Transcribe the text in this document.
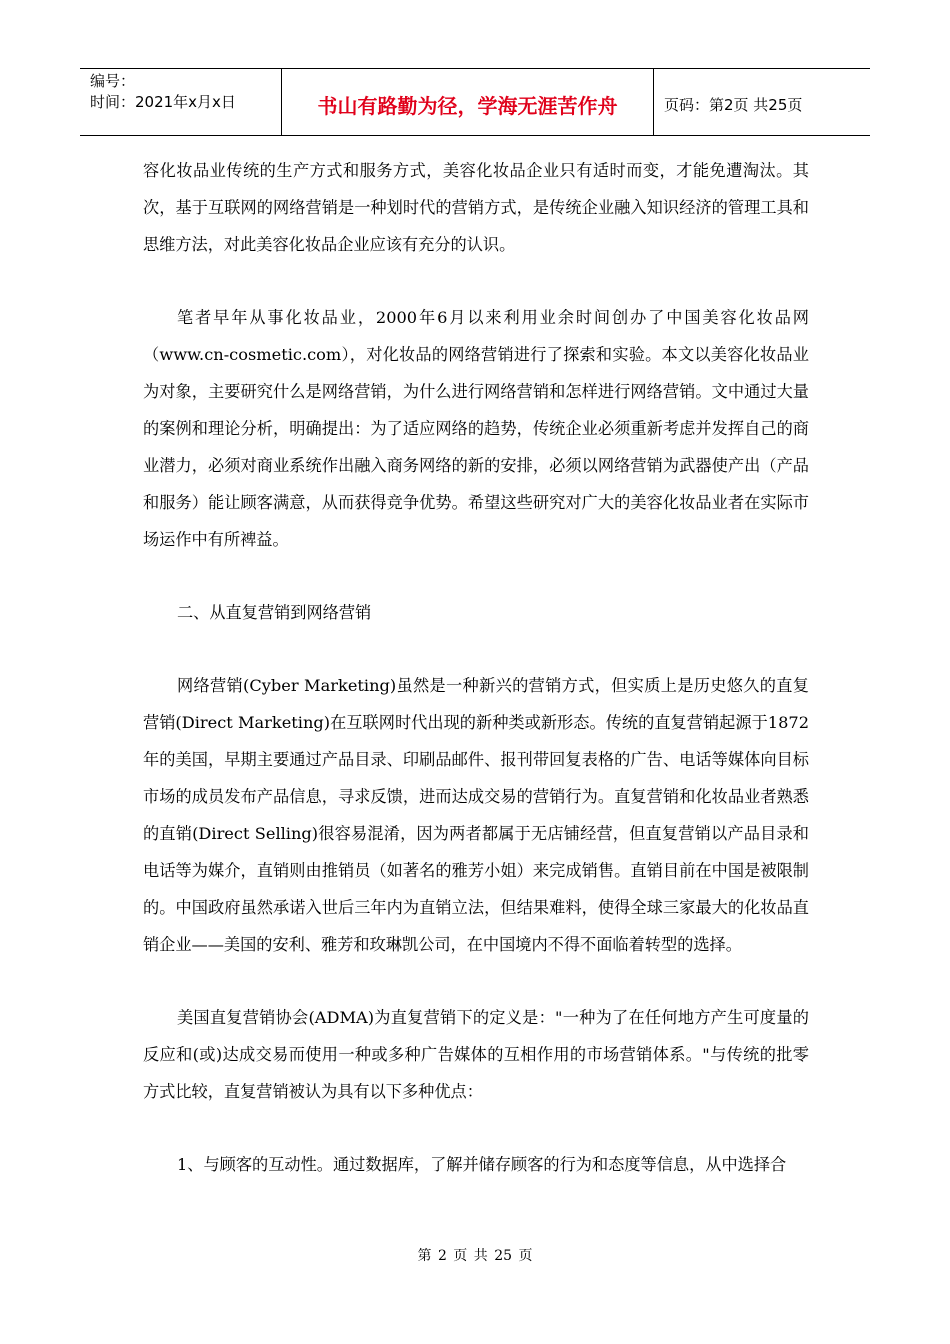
编号：
时间：2021年x月x日	书山有路勤为径，学海无涯苦作舟	页码：第2页 共25页

容化妆品业传统的生产方式和服务方式，美容化妆品企业只有适时而变，才能免遭淘汰。其次，基于互联网的网络营销是一种划时代的营销方式，是传统企业融入知识经济的管理工具和思维方法，对此美容化妆品企业应该有充分的认识。

笔者早年从事化妆品业，2000年6月以来利用业余时间创办了中国美容化妆品网（www.cn-cosmetic.com），对化妆品的网络营销进行了探索和实验。本文以美容化妆品业为对象，主要研究什么是网络营销，为什么进行网络营销和怎样进行网络营销。文中通过大量的案例和理论分析，明确提出：为了适应网络的趋势，传统企业必须重新考虑并发挥自己的商业潜力，必须对商业系统作出融入商务网络的新的安排，必须以网络营销为武器使产出（产品和服务）能让顾客满意，从而获得竞争优势。希望这些研究对广大的美容化妆品业者在实际市场运作中有所裨益。

二、从直复营销到网络营销

网络营销(Cyber Marketing)虽然是一种新兴的营销方式，但实质上是历史悠久的直复营销(Direct Marketing)在互联网时代出现的新种类或新形态。传统的直复营销起源于1872年的美国，早期主要通过产品目录、印刷品邮件、报刊带回复表格的广告、电话等媒体向目标市场的成员发布产品信息，寻求反馈，进而达成交易的营销行为。直复营销和化妆品业者熟悉的直销(Direct Selling)很容易混淆，因为两者都属于无店铺经营，但直复营销以产品目录和电话等为媒介，直销则由推销员（如著名的雅芳小姐）来完成销售。直销目前在中国是被限制的。中国政府虽然承诺入世后三年内为直销立法，但结果难料，使得全球三家最大的化妆品直销企业——美国的安利、雅芳和玫琳凯公司，在中国境内不得不面临着转型的选择。

美国直复营销协会(ADMA)为直复营销下的定义是："一种为了在任何地方产生可度量的反应和(或)达成交易而使用一种或多种广告媒体的互相作用的市场营销体系。"与传统的批零方式比较，直复营销被认为具有以下多种优点：

1、与顾客的互动性。通过数据库，了解并储存顾客的行为和态度等信息，从中选择合

第 2 页 共 25 页
